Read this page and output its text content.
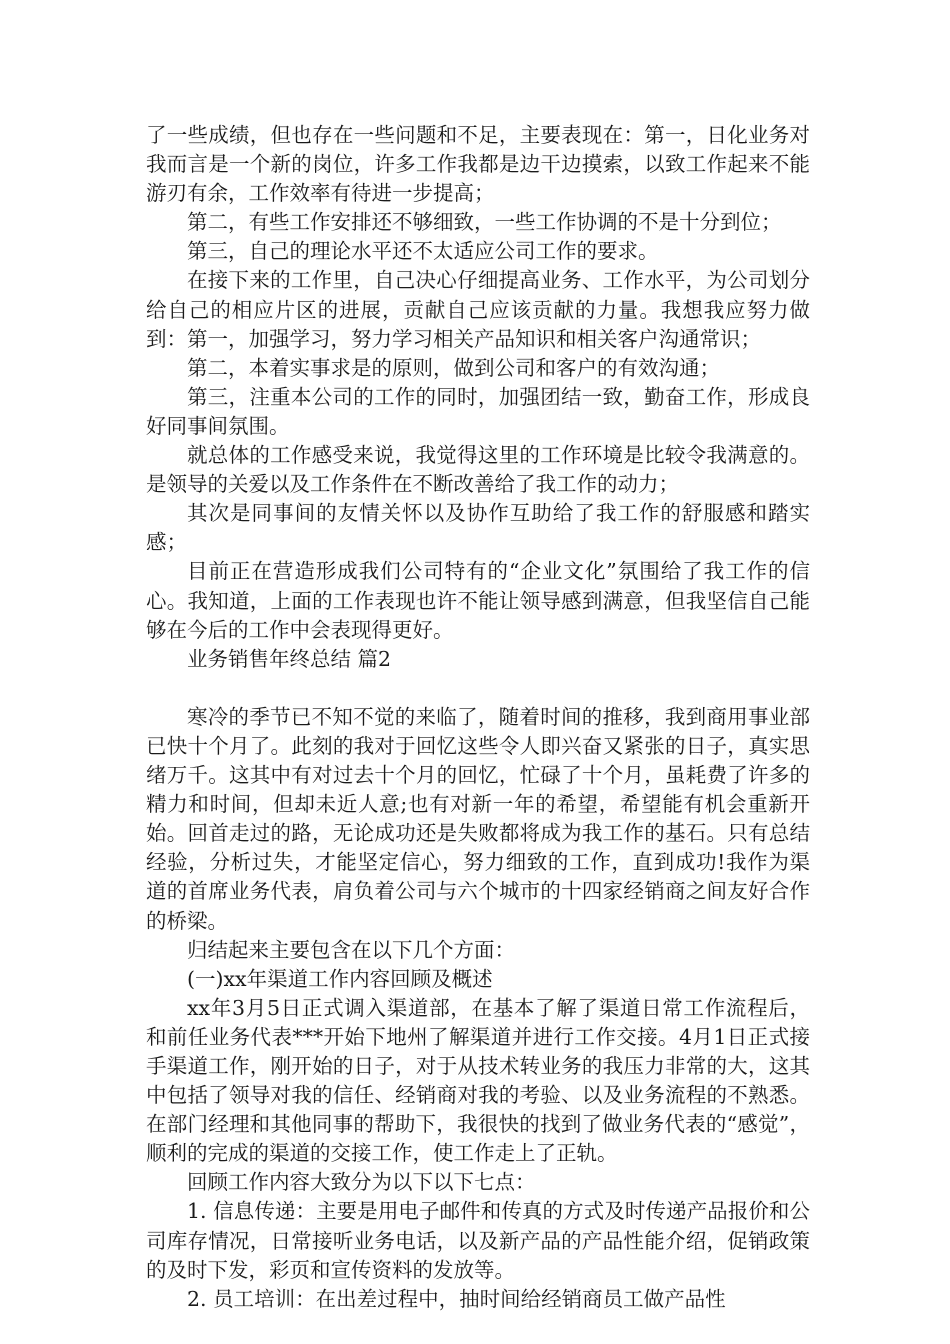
了一些成绩，但也存在一些问题和不足，主要表现在：第一，日化业务对我而言是一个新的岗位，许多工作我都是边干边摸索，以致工作起来不能游刃有余，工作效率有待进一步提高；

第二，有些工作安排还不够细致，一些工作协调的不是十分到位；

第三，自己的理论水平还不太适应公司工作的要求。

在接下来的工作里，自己决心仔细提高业务、工作水平，为公司划分给自己的相应片区的进展，贡献自己应该贡献的力量。我想我应努力做到：第一，加强学习，努力学习相关产品知识和相关客户沟通常识；

第二，本着实事求是的原则，做到公司和客户的有效沟通；

第三，注重本公司的工作的同时，加强团结一致，勤奋工作，形成良好同事间氛围。

就总体的工作感受来说，我觉得这里的工作环境是比较令我满意的。是领导的关爱以及工作条件在不断改善给了我工作的动力；

其次是同事间的友情关怀以及协作互助给了我工作的舒服感和踏实感；

目前正在营造形成我们公司特有的“企业文化”氛围给了我工作的信心。我知道，上面的工作表现也许不能让领导感到满意，但我坚信自己能够在今后的工作中会表现得更好。

业务销售年终总结 篇2

寒冷的季节已不知不觉的来临了，随着时间的推移，我到商用事业部已快十个月了。此刻的我对于回忆这些令人即兴奋又紧张的日子，真实思绪万千。这其中有对过去十个月的回忆，忙碌了十个月，虽耗费了许多的精力和时间，但却未近人意;也有对新一年的希望，希望能有机会重新开始。回首走过的路，无论成功还是失败都将成为我工作的基石。只有总结经验，分析过失，才能坚定信心，努力细致的工作，直到成功!我作为渠道的首席业务代表，肩负着公司与六个城市的十四家经销商之间友好合作的桥梁。

归结起来主要包含在以下几个方面：

(一)xx年渠道工作内容回顾及概述

xx年3月5日正式调入渠道部，在基本了解了渠道日常工作流程后，和前任业务代表***开始下地州了解渠道并进行工作交接。4月1日正式接手渠道工作，刚开始的日子，对于从技术转业务的我压力非常的大，这其中包括了领导对我的信任、经销商对我的考验、以及业务流程的不熟悉。在部门经理和其他同事的帮助下，我很快的找到了做业务代表的“感觉”，顺利的完成的渠道的交接工作，使工作走上了正轨。

回顾工作内容大致分为以下以下七点：

1. 信息传递：主要是用电子邮件和传真的方式及时传递产品报价和公司库存情况，日常接听业务电话，以及新产品的产品性能介绍，促销政策的及时下发，彩页和宣传资料的发放等。

2. 员工培训：在出差过程中，抽时间给经销商员工做产品性
